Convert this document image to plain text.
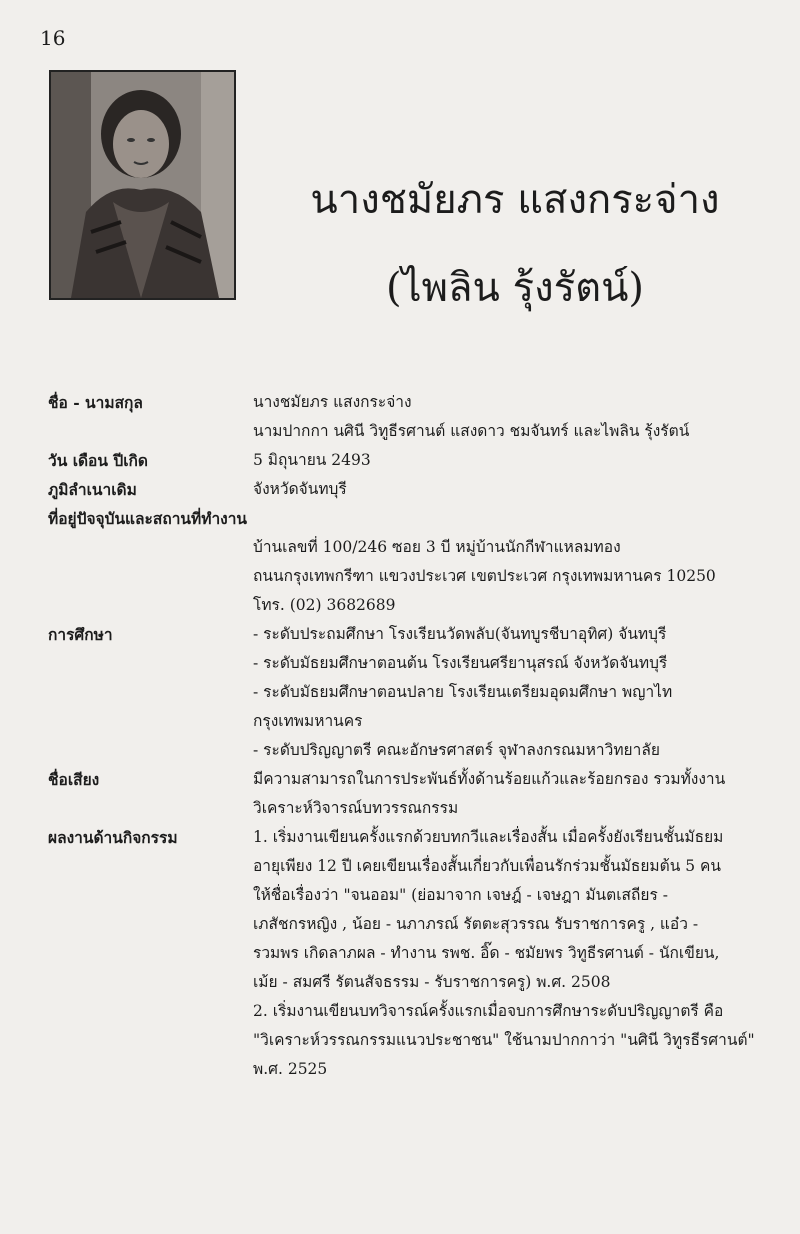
16
นางชมัยภร แสงกระจ่าง
(ไพลิน รุ้งรัตน์)
ชื่อ - นามสกุล	นางชมัยภร แสงกระจ่าง
นามปากกา นศินี วิทูธีรศานต์ แสงดาว ชมจันทร์ และไพลิน รุ้งรัตน์
วัน เดือน ปีเกิด	5 มิถุนายน 2493
ภูมิลำเนาเดิม	จังหวัดจันทบุรี
ที่อยู่ปัจจุบันและสถานที่ทำงาน
บ้านเลขที่ 100/246 ซอย 3 บี หมู่บ้านนักกีฬาแหลมทอง
ถนนกรุงเทพกรีฑา แขวงประเวศ เขตประเวศ กรุงเทพมหานคร 10250
โทร. (02) 3682689
การศึกษา	- ระดับประถมศึกษา โรงเรียนวัดพลับ(จันทบูรชีบาอุทิศ) จันทบุรี
- ระดับมัธยมศึกษาตอนต้น โรงเรียนศรียานุสรณ์ จังหวัดจันทบุรี
- ระดับมัธยมศึกษาตอนปลาย โรงเรียนเตรียมอุดมศึกษา พญาไท
กรุงเทพมหานคร
- ระดับปริญญาตรี คณะอักษรศาสตร์ จุฬาลงกรณมหาวิทยาลัย
ชื่อเสียง	มีความสามารถในการประพันธ์ทั้งด้านร้อยแก้วและร้อยกรอง รวมทั้งงาน
วิเคราะห์วิจารณ์บทวรรณกรรม
ผลงานด้านกิจกรรม	1. เริ่มงานเขียนครั้งแรกด้วยบทกวีและเรื่องสั้น เมื่อครั้งยังเรียนชั้นมัธยม
อายุเพียง 12 ปี เคยเขียนเรื่องสั้นเกี่ยวกับเพื่อนรักร่วมชั้นมัธยมต้น 5 คน
ให้ชื่อเรื่องว่า "จนออม" (ย่อมาจาก เจษฎ์ - เจษฎา มันตเสถียร -
เภสัชกรหญิง , น้อย - นภาภรณ์ รัตตะสุวรรณ รับราชการครู , แอ๋ว -
รวมพร เกิดลาภผล - ทำงาน รพช. อิ๊ด - ชมัยพร วิทูธีรศานต์ - นักเขียน,
เม้ย - สมศรี รัตนสัจธรรม - รับราชการครู) พ.ศ. 2508
2. เริ่มงานเขียนบทวิจารณ์ครั้งแรกเมื่อจบการศึกษาระดับปริญญาตรี คือ
"วิเคราะห์วรรณกรรมแนวประชาชน" ใช้นามปากกาว่า "นศินี วิทูรธีรศานต์"
พ.ศ. 2525
